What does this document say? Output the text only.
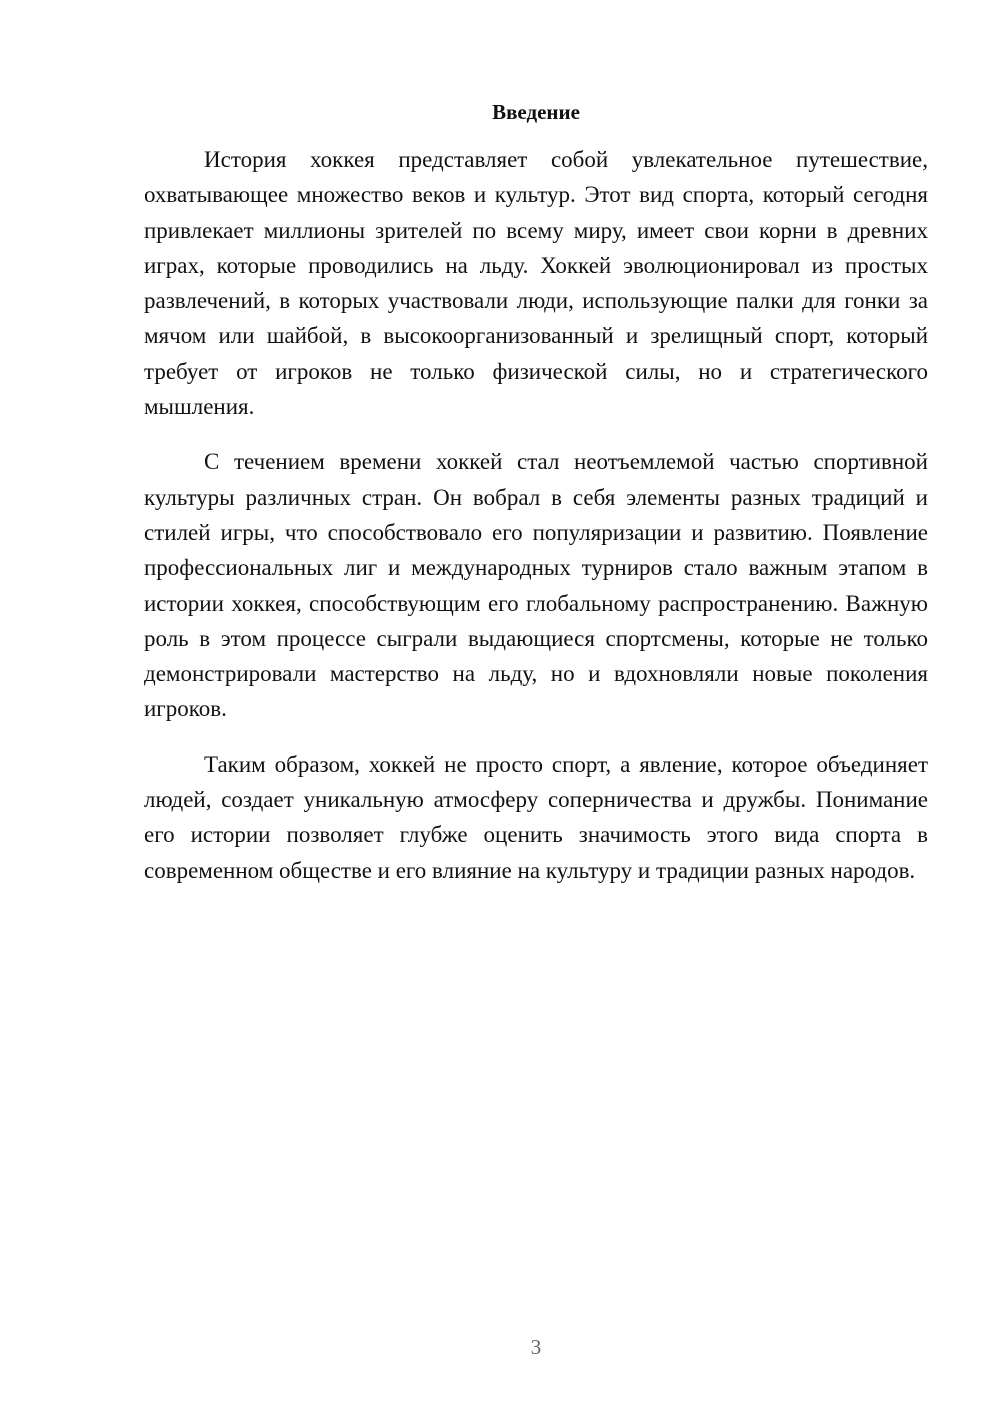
Введение

История хоккея представляет собой увлекательное путешествие, охватывающее множество веков и культур. Этот вид спорта, который сегодня привлекает миллионы зрителей по всему миру, имеет свои корни в древних играх, которые проводились на льду. Хоккей эволюционировал из простых развлечений, в которых участвовали люди, использующие палки для гонки за мячом или шайбой, в высокоорганизованный и зрелищный спорт, который требует от игроков не только физической силы, но и стратегического мышления.

С течением времени хоккей стал неотъемлемой частью спортивной культуры различных стран. Он вобрал в себя элементы разных традиций и стилей игры, что способствовало его популяризации и развитию. Появление профессиональных лиг и международных турниров стало важным этапом в истории хоккея, способствующим его глобальному распространению. Важную роль в этом процессе сыграли выдающиеся спортсмены, которые не только демонстрировали мастерство на льду, но и вдохновляли новые поколения игроков.

Таким образом, хоккей не просто спорт, а явление, которое объединяет людей, создает уникальную атмосферу соперничества и дружбы. Понимание его истории позволяет глубже оценить значимость этого вида спорта в современном обществе и его влияние на культуру и традиции разных народов.

3
